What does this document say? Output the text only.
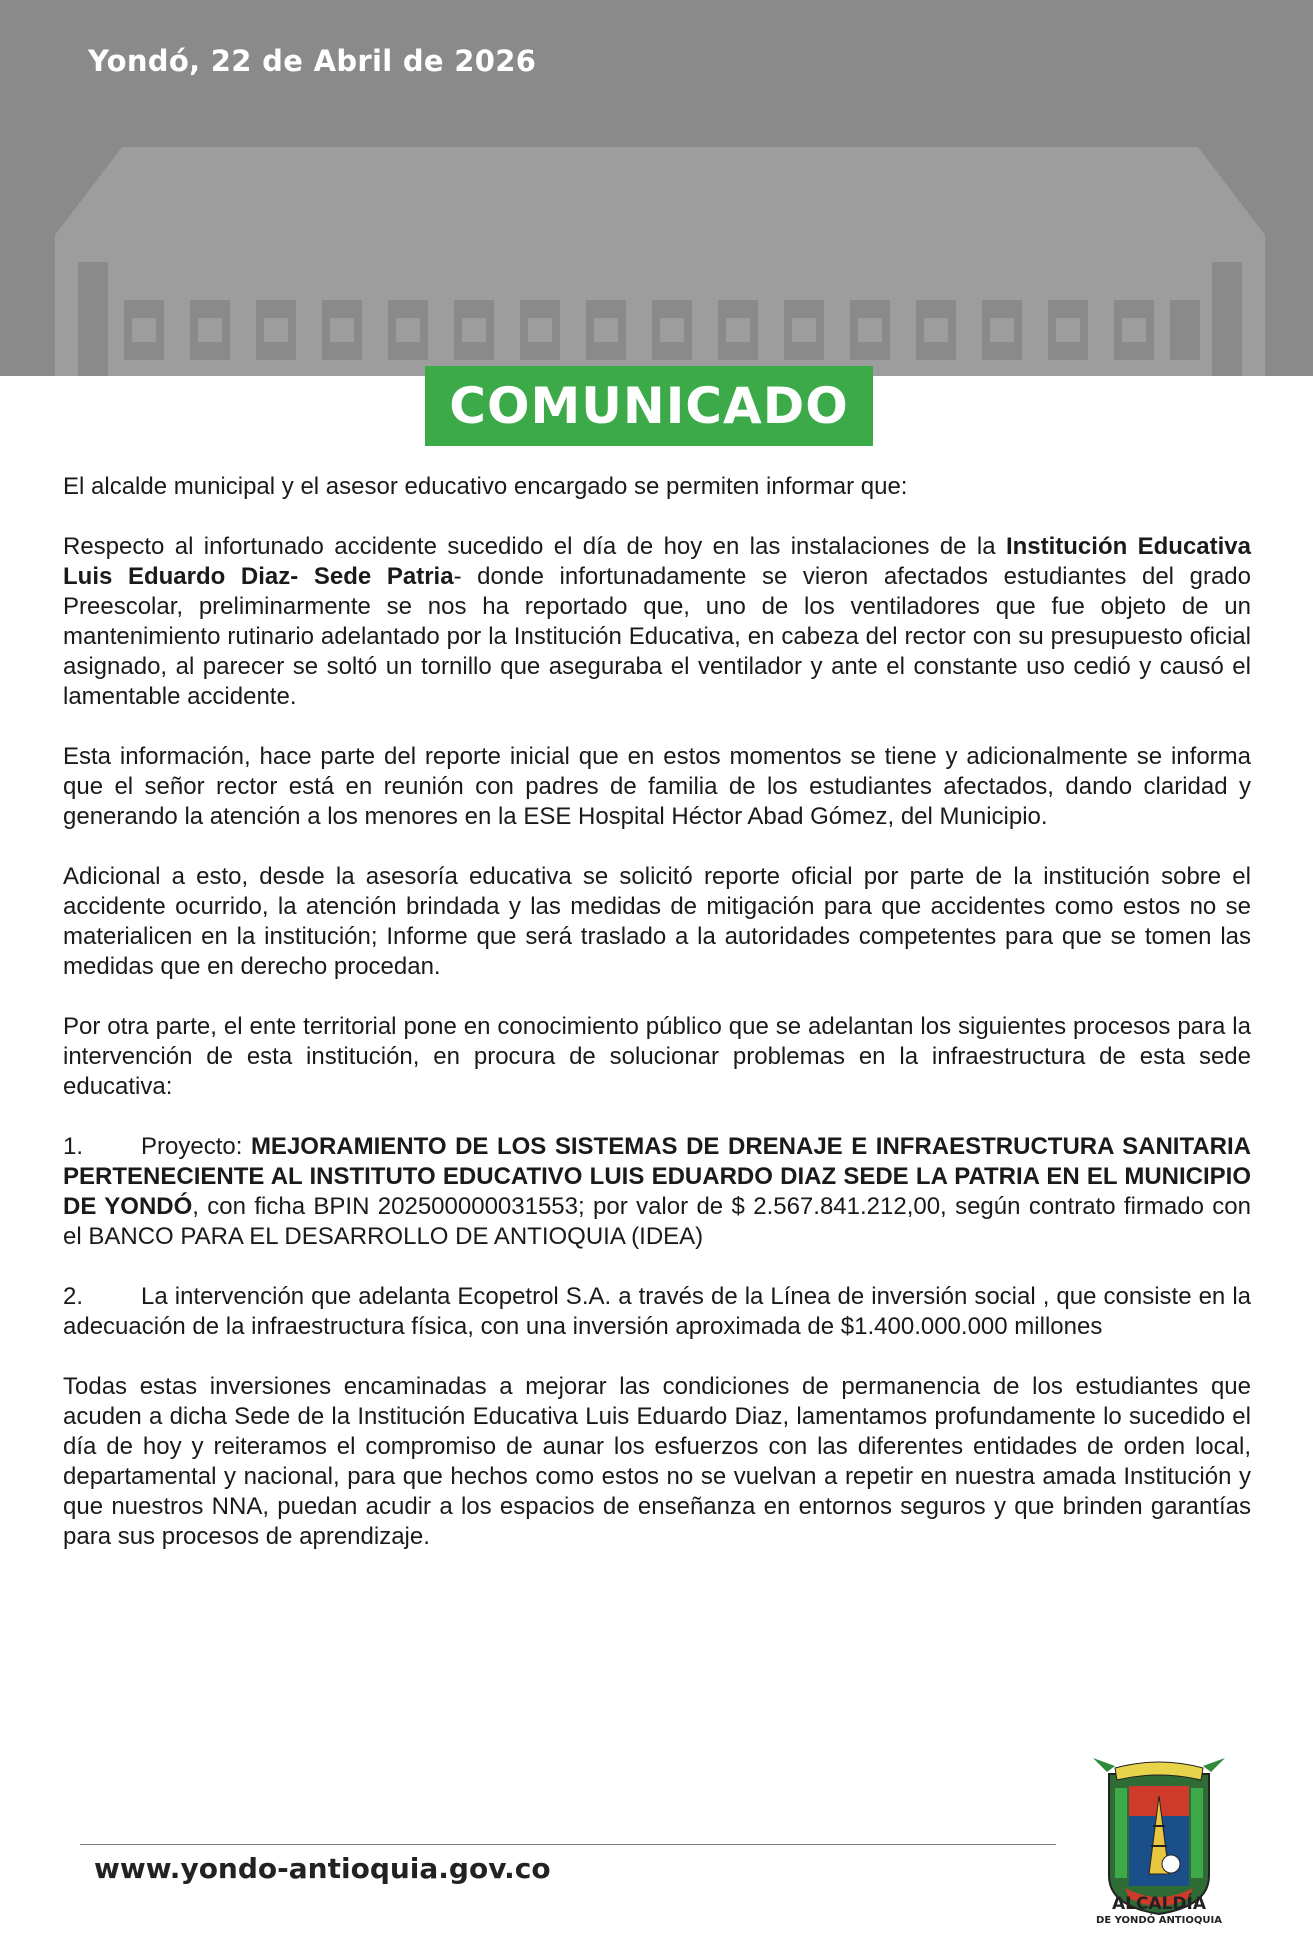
Yondó, 22 de Abril de 2026
COMUNICADO

El alcalde municipal y el asesor educativo encargado se permiten informar que:

Respecto al infortunado accidente sucedido el día de hoy en las instalaciones de la Institución Educativa Luis Eduardo Diaz- Sede Patria- donde infortunadamente se vieron afectados estudiantes del grado Preescolar, preliminarmente se nos ha reportado que, uno de los ventiladores que fue objeto de un mantenimiento rutinario adelantado por la Institución Educativa, en cabeza del rector con su presupuesto oficial asignado, al parecer se soltó un tornillo que aseguraba el ventilador y ante el constante uso cedió y causó el lamentable accidente.

Esta información, hace parte del reporte inicial que en estos momentos se tiene y adicionalmente se informa que el señor rector está en reunión con padres de familia de los estudiantes afectados, dando claridad y generando la atención a los menores en la ESE Hospital Héctor Abad Gómez, del Municipio.

Adicional a esto, desde la asesoría educativa se solicitó reporte oficial por parte de la institución sobre el accidente ocurrido, la atención brindada y las medidas de mitigación para que accidentes como estos no se materialicen en la institución; Informe que será traslado a la autoridades competentes para que se tomen las medidas que en derecho procedan.

Por otra parte, el ente territorial pone en conocimiento público que se adelantan los siguientes procesos para la intervención de esta institución, en procura de solucionar problemas en la infraestructura de esta sede educativa:

1. Proyecto: MEJORAMIENTO DE LOS SISTEMAS DE DRENAJE E INFRAESTRUCTURA SANITARIA PERTENECIENTE AL INSTITUTO EDUCATIVO LUIS EDUARDO DIAZ SEDE LA PATRIA EN EL MUNICIPIO DE YONDÓ, con ficha BPIN 202500000031553; por valor de $ 2.567.841.212,00, según contrato firmado con el BANCO PARA EL DESARROLLO DE ANTIOQUIA (IDEA)

2. La intervención que adelanta Ecopetrol S.A. a través de la Línea de inversión social , que consiste en la adecuación de la infraestructura física, con una inversión aproximada de $1.400.000.000 millones

Todas estas inversiones encaminadas a mejorar las condiciones de permanencia de los estudiantes que acuden a dicha Sede de la Institución Educativa Luis Eduardo Diaz, lamentamos profundamente lo sucedido el día de hoy y reiteramos el compromiso de aunar los esfuerzos con las diferentes entidades de orden local, departamental y nacional, para que hechos como estos no se vuelvan a repetir en nuestra amada Institución y que nuestros NNA, puedan acudir a los espacios de enseñanza en entornos seguros y que brinden garantías para sus procesos de aprendizaje.

www.yondo-antioquia.gov.co
ALCALDÍA
DE YONDÓ ANTIOQUIA
